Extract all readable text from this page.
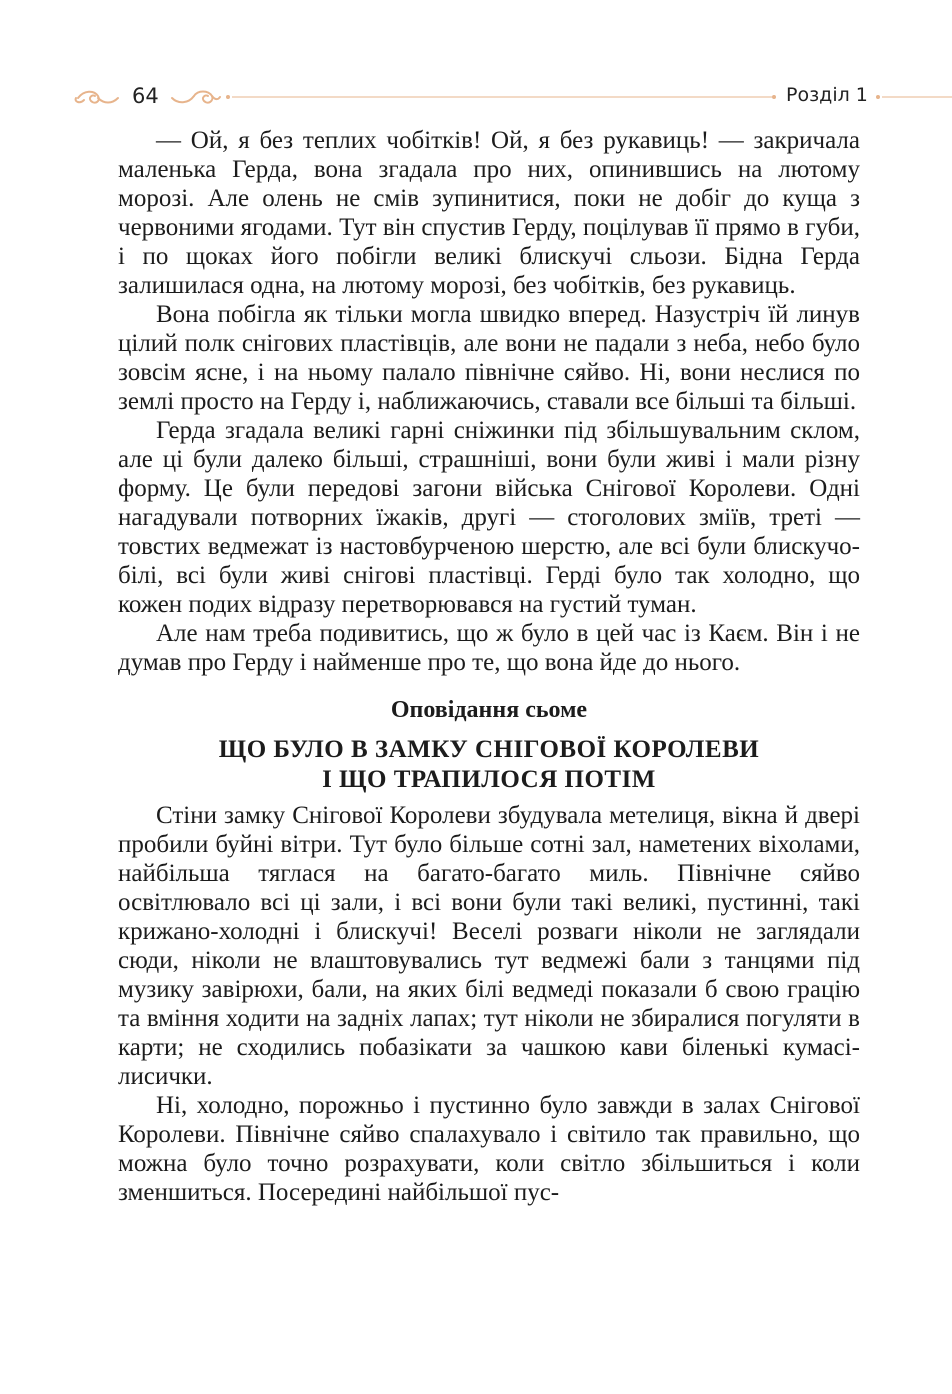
64	Розділ 1

— Ой, я без теплих чобітків! Ой, я без рукавиць! — закричала маленька Герда, вона згадала про них, опинившись на лютому морозі. Але олень не смів зупинитися, поки не добіг до куща з червоними ягодами. Тут він спустив Герду, поцілував її прямо в губи, і по щоках його побігли великі блискучі сльози. Бідна Герда залишилася одна, на лютому морозі, без чобітків, без рукавиць.

Вона побігла як тільки могла швидко вперед. Назустріч їй линув цілий полк снігових пластівців, але вони не падали з неба, небо було зовсім ясне, і на ньому палало північне сяйво. Ні, вони неслися по землі просто на Герду і, наближаючись, ставали все більші та більші.

Герда згадала великі гарні сніжинки під збільшувальним склом, але ці були далеко більші, страшніші, вони були живі і мали різну форму. Це були передові загони війська Снігової Королеви. Одні нагадували потворних їжаків, другі — стоголових зміїв, треті — товстих ведмежат із настовбурченою шерстю, але всі були блискучо-білі, всі були живі снігові пластівці. Герді було так холодно, що кожен подих відразу перетворювався на густий туман.

Але нам треба подивитись, що ж було в цей час із Каєм. Він і не думав про Герду і найменше про те, що вона йде до нього.

Оповідання сьоме
ЩО БУЛО В ЗАМКУ СНІГОВОЇ КОРОЛЕВИ
І ЩО ТРАПИЛОСЯ ПОТІМ

Стіни замку Снігової Королеви збудувала метелиця, вікна й двері пробили буйні вітри. Тут було більше сотні зал, наметених віхолами, найбільша тяглася на багато-багато миль. Північне сяйво освітлювало всі ці зали, і всі вони були такі великі, пустинні, такі крижано-холодні і блискучі! Веселі розваги ніколи не заглядали сюди, ніколи не влаштовувались тут ведмежі бали з танцями під музику завірюхи, бали, на яких білі ведмеді показали б свою грацію та вміння ходити на задніх лапах; тут ніколи не збиралися погуляти в карти; не сходились побазікати за чашкою кави біленькі кумасі-лисички.

Ні, холодно, порожньо і пустинно було завжди в залах Снігової Королеви. Північне сяйво спалахувало і світило так правильно, що можна було точно розрахувати, коли світло збільшиться і коли зменшиться. Посередині найбільшої пус-
